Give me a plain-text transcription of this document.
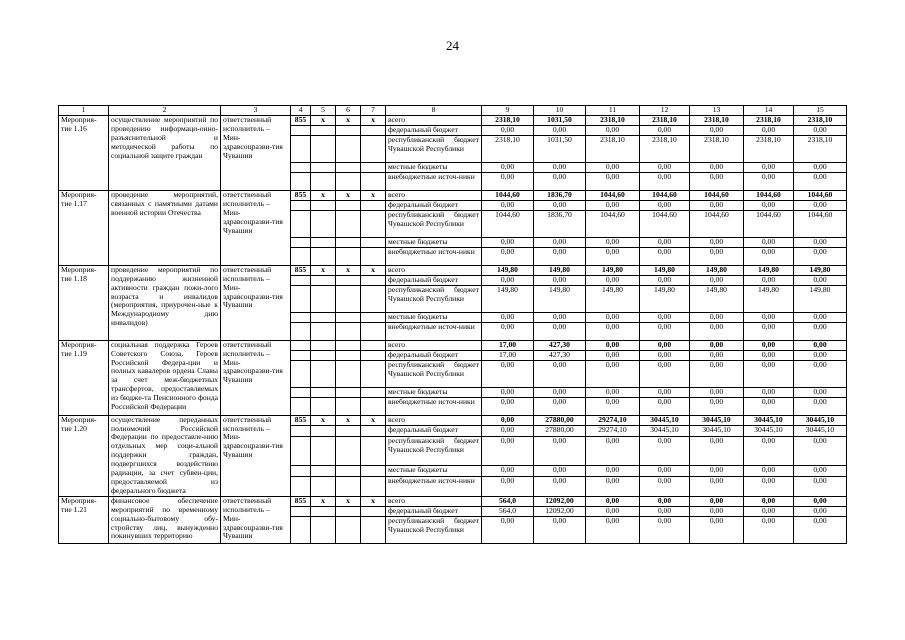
24
1	2	3	4	5	6	7	8	9	10	11	12	13	14	15
Мероприя-тие 1.16	осуществление мероприятий по проведению информаци-онно-разъяснительной и методической работы по социальной защите граждан	ответственный исполнитель – Мин-здравсоцразви-тия Чувашии	855	х	х	х	всего	2318,10	1031,50	2318,10	2318,10	2318,10	2318,10	2318,10
							федеральный бюджет	0,00	0,00	0,00	0,00	0,00	0,00	0,00
							республиканский бюджет Чувашской Республики	2318,10	1031,50	2318,10	2318,10	2318,10	2318,10	2318,10
							местные бюджеты	0,00	0,00	0,00	0,00	0,00	0,00	0,00
							внебюджетные источ-ники	0,00	0,00	0,00	0,00	0,00	0,00	0,00
Мероприя-тие 1.17	проведение мероприятий, связанных с памятными датами военной истории Отечества	ответственный исполнитель – Мин-здравсоцразви-тия Чувашии	855	х	х	х	всего	1044,60	1836,70	1044,60	1044,60	1044,60	1044,60	1044,60
							федеральный бюджет	0,00	0,00	0,00	0,00	0,00	0,00	0,00
							республиканский бюджет Чувашской Республики	1044,60	1836,70	1044,60	1044,60	1044,60	1044,60	1044,60
							местные бюджеты	0,00	0,00	0,00	0,00	0,00	0,00	0,00
							внебюджетные источ-ники	0,00	0,00	0,00	0,00	0,00	0,00	0,00
Мероприя-тие 1.18	проведение мероприятий по поддержанию жизненной активности граждан пожи-лого возраста и инвалидов (мероприятия, приурочен-ные к Международному дню инвалидов)	ответственный исполнитель – Мин-здравсоцразви-тия Чувашии	855	х	х	х	всего	149,80	149,80	149,80	149,80	149,80	149,80	149,80
							федеральный бюджет	0,00	0,00	0,00	0,00	0,00	0,00	0,00
							республиканский бюджет Чувашской Республики	149,80	149,80	149,80	149,80	149,80	149,80	149,80
							местные бюджеты	0,00	0,00	0,00	0,00	0,00	0,00	0,00
							внебюджетные источ-ники	0,00	0,00	0,00	0,00	0,00	0,00	0,00
Мероприя-тие 1.19	социальная поддержка Героев Советского Союза, Героев Российской Федера-ции и полных кавалеров ордена Славы за счет меж-бюджетных трансфертов, предоставляемых из бюдже-та Пенсионного фонда Российской Федерации	ответственный исполнитель – Мин-здравсоцразви-тия Чувашии					всего	17,00	427,30	0,00	0,00	0,00	0,00	0,00
							федеральный бюджет	17,00	427,30	0,00	0,00	0,00	0,00	0,00
							республиканский бюджет Чувашской Республики	0,00	0,00	0,00	0,00	0,00	0,00	0,00
							местные бюджеты	0,00	0,00	0,00	0,00	0,00	0,00	0,00
							внебюджетные источ-ники	0,00	0,00	0,00	0,00	0,00	0,00	0,00
Мероприя-тие 1.20	осуществление переданных полномочий Российской Федерации по предоставле-нию отдельных мер соци-альной поддержки граждан, подвергшихся воздействию радиации, за счет субвен-ции, предоставляемой из федерального бюджета	ответственный исполнитель – Мин-здравсоцразви-тия Чувашии	855	х	х	х	всего	0,00	27880,00	29274,10	30445,10	30445,10	30445,10	30445,10
							федеральный бюджет	0,00	27880,00	29274,10	30445,10	30445,10	30445,10	30445,10
							республиканский бюджет Чувашской Республики	0,00	0,00	0,00	0,00	0,00	0,00	0,00
							местные бюджеты	0,00	0,00	0,00	0,00	0,00	0,00	0,00
							внебюджетные источ-ники	0,00	0,00	0,00	0,00	0,00	0,00	0,00
Мероприя-тие 1.21	финансовое обеспечение мероприятий по временному социально-бытовому обу-стройству лиц, вынужденно покинувших территорию	ответственный исполнитель – Мин-здравсоцразви-тия Чувашии	855	х	х	х	всего	564,0	12092,00	0,00	0,00	0,00	0,00	0,00
							федеральный бюджет	564,0	12092,00	0,00	0,00	0,00	0,00	0,00
							республиканский бюджет Чувашской Республики	0,00	0,00	0,00	0,00	0,00	0,00	0,00
